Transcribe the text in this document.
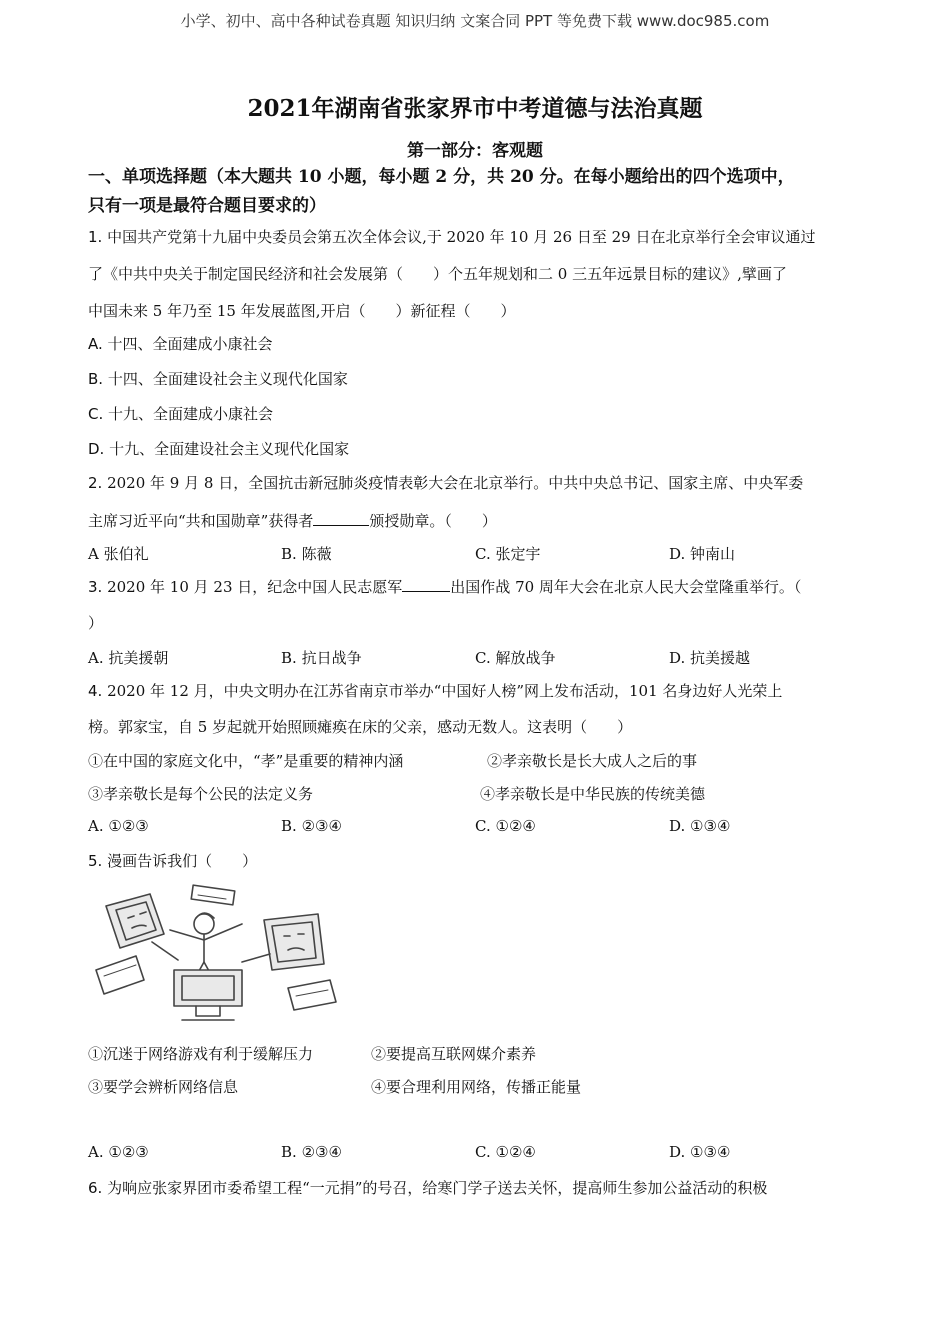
小学、初中、高中各种试卷真题 知识归纳 文案合同 PPT 等免费下载 www.doc985.com
2021年湖南省张家界市中考道德与法治真题
第一部分：客观题
一、单项选择题（本大题共 10 小题，每小题 2 分，共 20 分。在每小题给出的四个选项中，
只有一项是最符合题目要求的）
1. 中国共产党第十九届中央委员会第五次全体会议,于 2020 年 10 月 26 日至 29 日在北京举行全会审议通过
了《中共中央关于制定国民经济和社会发展第（　　）个五年规划和二 0 三五年远景目标的建议》,擘画了
中国未来 5 年乃至 15 年发展蓝图,开启（　　）新征程（　　）
A. 十四、全面建成小康社会
B. 十四、全面建设社会主义现代化国家
C. 十九、全面建成小康社会
D. 十九、全面建设社会主义现代化国家
2. 2020 年 9 月 8 日，全国抗击新冠肺炎疫情表彰大会在北京举行。中共中央总书记、国家主席、中央军委
主席习近平向“共和国勋章”获得者	颁授勋章。（　　）
A 张伯礼	B. 陈薇	C. 张定宇	D. 钟南山
3. 2020 年 10 月 23 日，纪念中国人民志愿军	出国作战 70 周年大会在北京人民大会堂隆重举行。（
）
A. 抗美援朝	B. 抗日战争	C. 解放战争	D. 抗美援越
4. 2020 年 12 月，中央文明办在江苏省南京市举办“中国好人榜”网上发布活动，101 名身边好人光荣上
榜。郭家宝，自 5 岁起就开始照顾瘫痪在床的父亲，感动无数人。这表明（　　）
①在中国的家庭文化中，“孝”是重要的精神内涵	②孝亲敬长是长大成人之后的事
③孝亲敬长是每个公民的法定义务	④孝亲敬长是中华民族的传统美德
A. ①②③	B. ②③④	C. ①②④	D. ①③④
5. 漫画告诉我们（　　）
①沉迷于网络游戏有利于缓解压力	②要提高互联网媒介素养
③要学会辨析网络信息	④要合理利用网络，传播正能量
A. ①②③	B. ②③④	C. ①②④	D. ①③④
6. 为响应张家界团市委希望工程“一元捐”的号召，给寒门学子送去关怀，提高师生参加公益活动的积极
